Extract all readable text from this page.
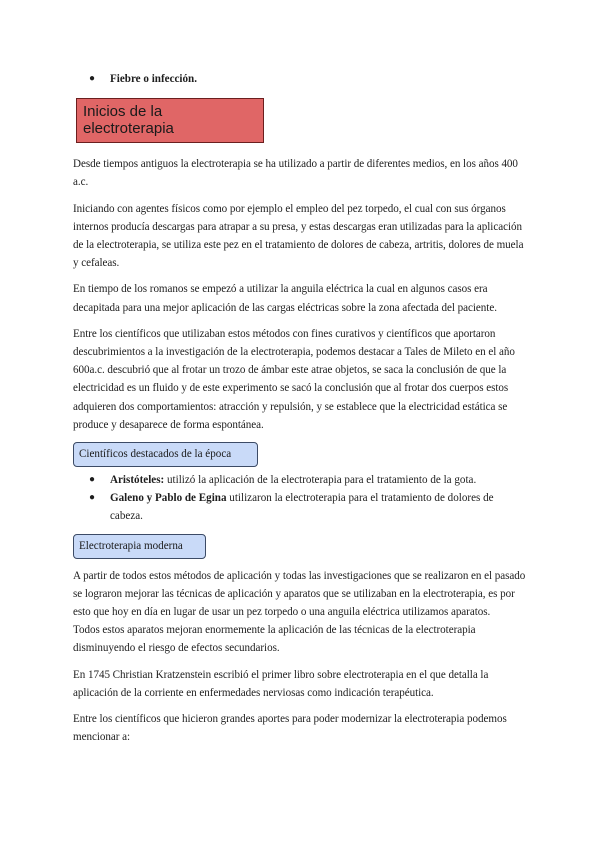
● Fiebre o infección.
Inicios de la electroterapia

Desde tiempos antiguos la electroterapia se ha utilizado a partir de diferentes medios, en los años 400 a.c.

Iniciando con agentes físicos como por ejemplo el empleo del pez torpedo, el cual con sus órganos internos producía descargas para atrapar a su presa, y estas descargas eran utilizadas para la aplicación de la electroterapia, se utiliza este pez en el tratamiento de dolores de cabeza, artritis, dolores de muela y cefaleas.

En tiempo de los romanos se empezó a utilizar la anguila eléctrica la cual en algunos casos era decapitada para una mejor aplicación de las cargas eléctricas sobre la zona afectada del paciente.

Entre los científicos que utilizaban estos métodos con fines curativos y científicos que aportaron descubrimientos a la investigación de la electroterapia, podemos destacar a Tales de Mileto en el año 600a.c. descubrió que al frotar un trozo de ámbar este atrae objetos, se saca la conclusión de que la electricidad es un fluido y de este experimento se sacó la conclusión que al frotar dos cuerpos estos adquieren dos comportamientos: atracción y repulsión, y se establece que la electricidad estática se produce y desaparece de forma espontánea.

Científicos destacados de la época
● Aristóteles: utilizó la aplicación de la electroterapia para el tratamiento de la gota.
● Galeno y Pablo de Egina utilizaron la electroterapia para el tratamiento de dolores de cabeza.
Electroterapia moderna

A partir de todos estos métodos de aplicación y todas las investigaciones que se realizaron en el pasado se lograron mejorar las técnicas de aplicación y aparatos que se utilizaban en la electroterapia, es por esto que hoy en día en lugar de usar un pez torpedo o una anguila eléctrica utilizamos aparatos.

Todos estos aparatos mejoran enormemente la aplicación de las técnicas de la electroterapia disminuyendo el riesgo de efectos secundarios.

En 1745 Christian Kratzenstein escribió el primer libro sobre electroterapia en el que detalla la aplicación de la corriente en enfermedades nerviosas como indicación terapéutica.

Entre los científicos que hicieron grandes aportes para poder modernizar la electroterapia podemos mencionar a:
